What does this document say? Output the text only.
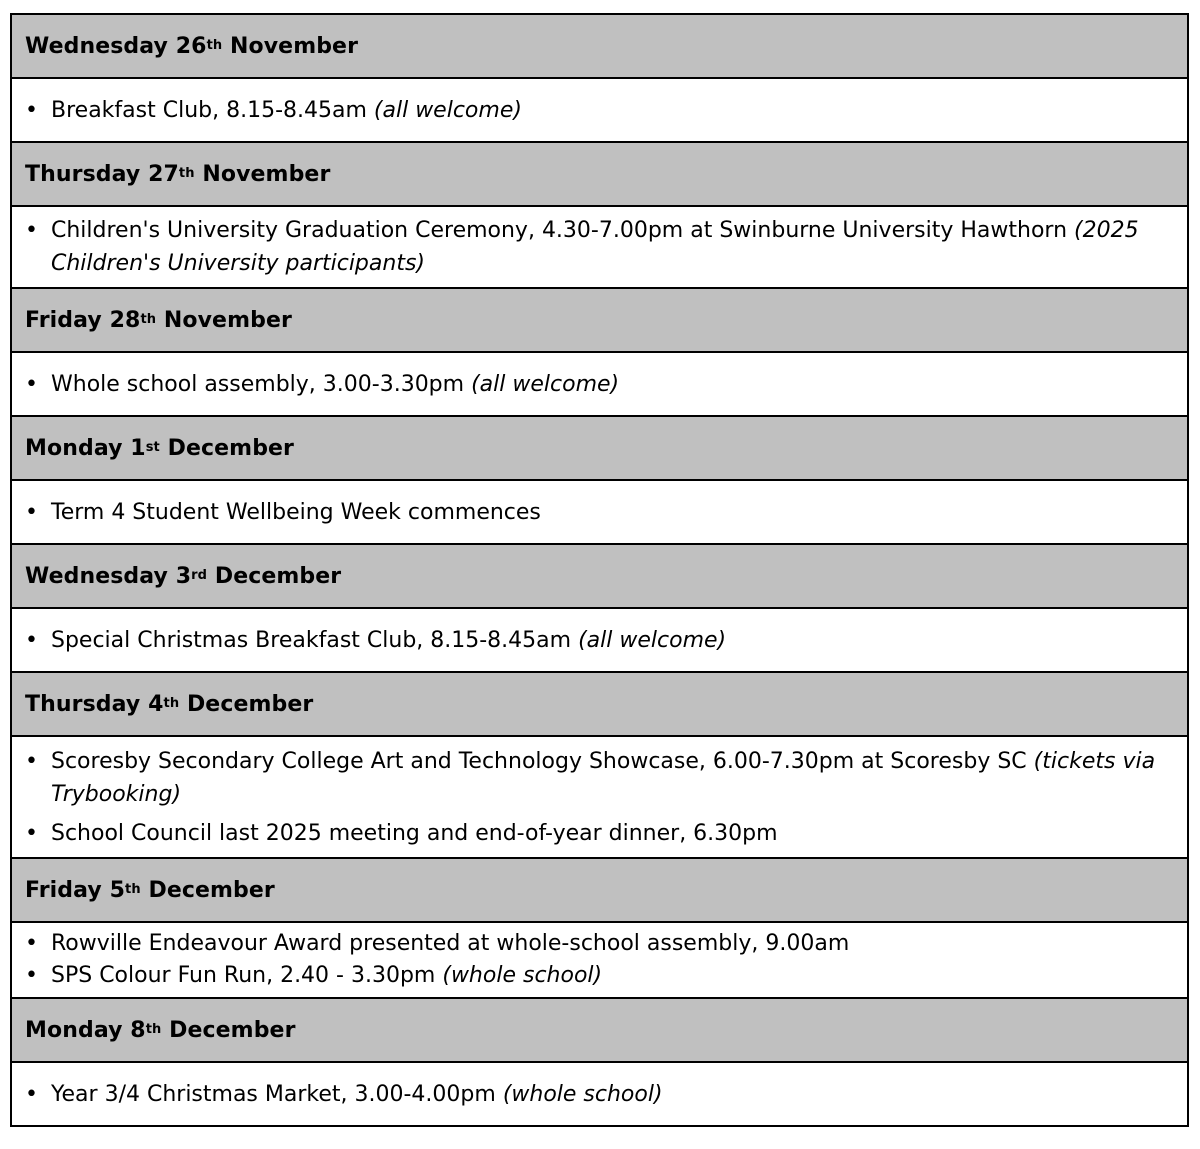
Wednesday 26 th
November
• Breakfast Club, 8.15-8.45am (all welcome)
Thursday 27 th
November
• Children's University Graduation Ceremony, 4.30-7.00pm at Swinburne University Hawthorn (2025 Children's University participants)
Friday 28 th
November
• Whole school assembly, 3.00-3.30pm (all welcome)
Monday 1 st
December
• Term 4 Student Wellbeing Week commences
Wednesday 3 rd
December
• Special Christmas Breakfast Club, 8.15-8.45am (all welcome)
Thursday 4 th
December
• Scoresby Secondary College Art and Technology Showcase, 6.00-7.30pm at Scoresby SC (tickets via Trybooking)
• School Council last 2025 meeting and end-of-year dinner, 6.30pm
Friday 5 th
December
• Rowville Endeavour Award presented at whole-school assembly, 9.00am
• SPS Colour Fun Run, 2.40 - 3.30pm (whole school)
Monday 8 th
December
• Year 3/4 Christmas Market, 3.00-4.00pm (whole school)
